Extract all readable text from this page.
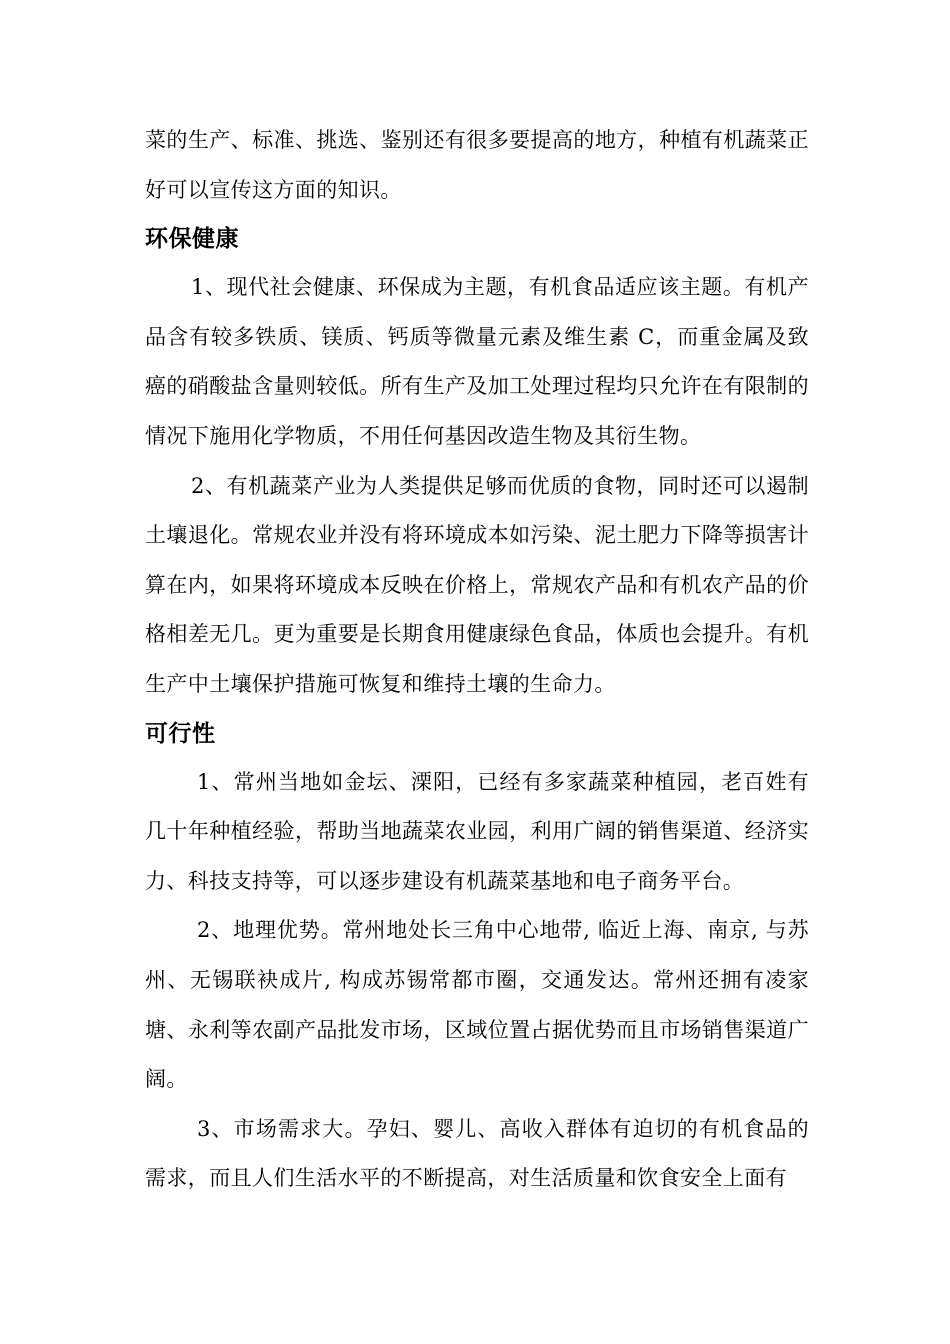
菜的生产、标准、挑选、鉴别还有很多要提高的地方，种植有机蔬菜正好可以宣传这方面的知识。

环保健康

1、现代社会健康、环保成为主题，有机食品适应该主题。有机产品含有较多铁质、镁质、钙质等微量元素及维生素 C，而重金属及致癌的硝酸盐含量则较低。所有生产及加工处理过程均只允许在有限制的情况下施用化学物质，不用任何基因改造生物及其衍生物。

2、有机蔬菜产业为人类提供足够而优质的食物，同时还可以遏制土壤退化。常规农业并没有将环境成本如污染、泥土肥力下降等损害计算在内，如果将环境成本反映在价格上，常规农产品和有机农产品的价格相差无几。更为重要是长期食用健康绿色食品，体质也会提升。有机生产中土壤保护措施可恢复和维持土壤的生命力。

可行性

1、常州当地如金坛、溧阳，已经有多家蔬菜种植园，老百姓有几十年种植经验，帮助当地蔬菜农业园，利用广阔的销售渠道、经济实力、科技支持等，可以逐步建设有机蔬菜基地和电子商务平台。

2、地理优势。常州地处长三角中心地带, 临近上海、南京, 与苏州、无锡联袂成片, 构成苏锡常都市圈，交通发达。常州还拥有凌家塘、永利等农副产品批发市场，区域位置占据优势而且市场销售渠道广阔。

3、市场需求大。孕妇、婴儿、高收入群体有迫切的有机食品的需求，而且人们生活水平的不断提高，对生活质量和饮食安全上面有
